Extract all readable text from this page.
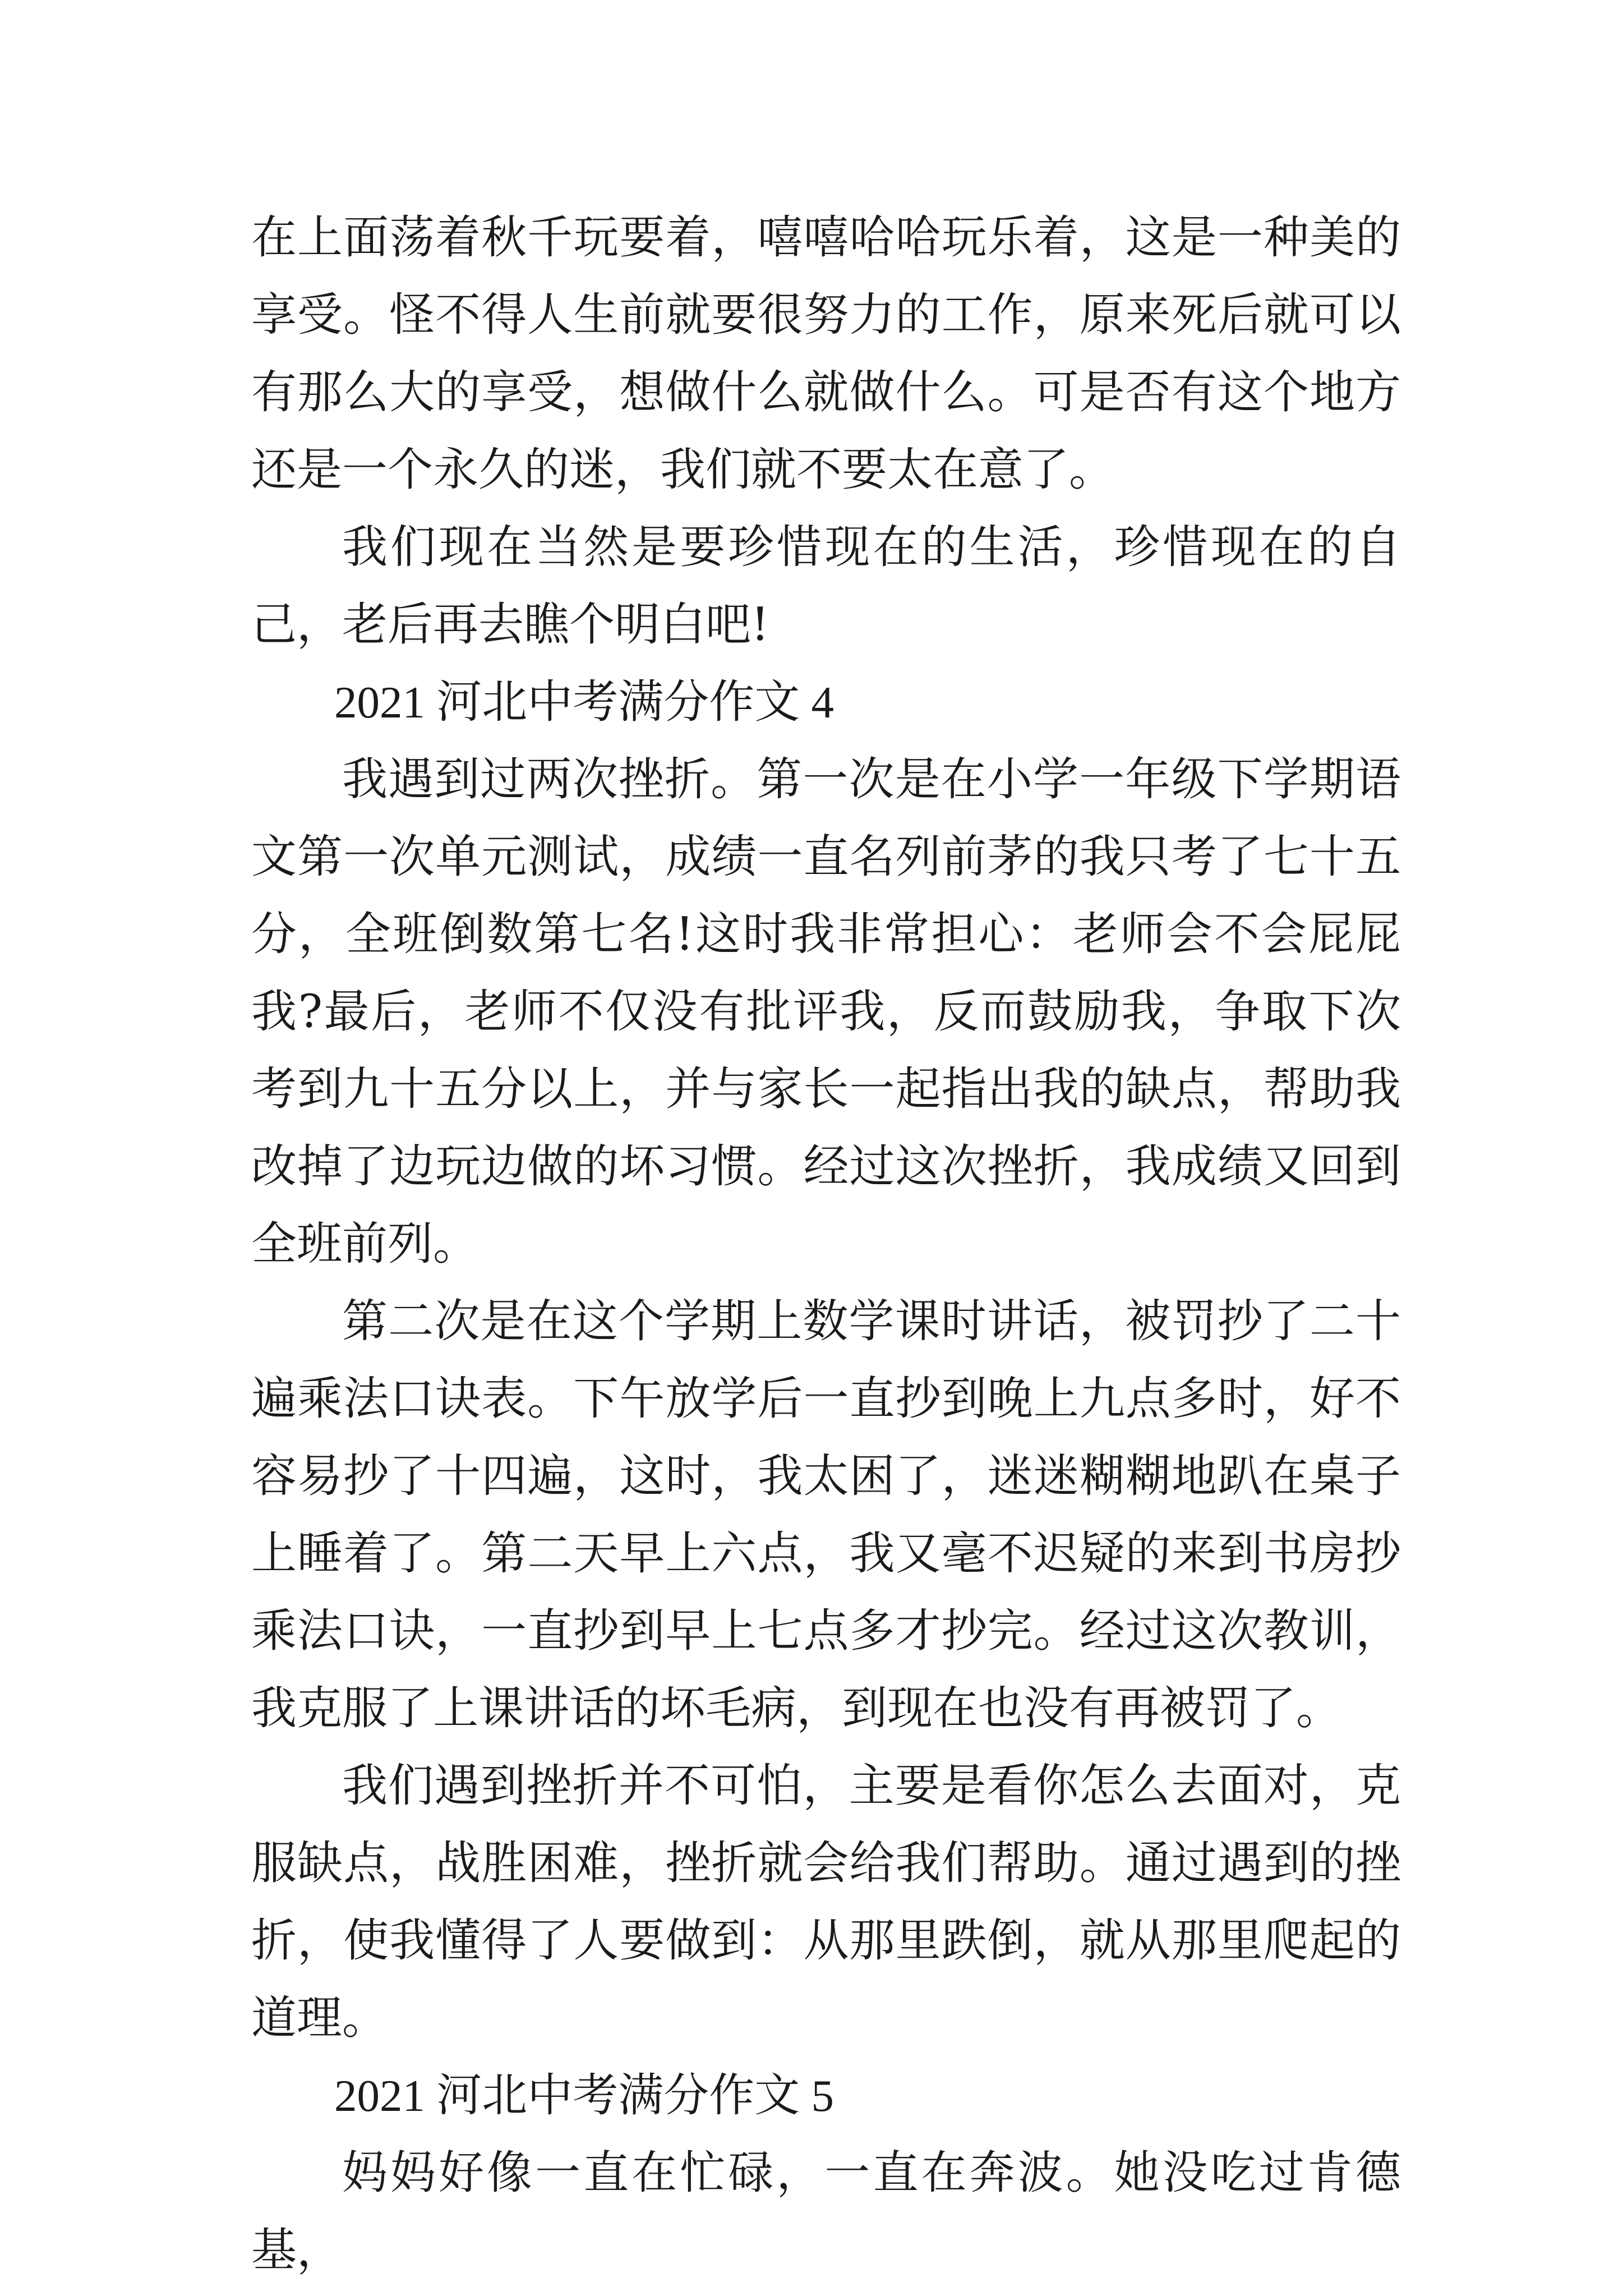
在上面荡着秋千玩要着，嘻嘻哈哈玩乐着，这是一种美的享受。怪不得人生前就要很努力的工作，原来死后就可以有那么大的享受，想做什么就做什么。可是否有这个地方还是一个永久的迷，我们就不要太在意了。

我们现在当然是要珍惜现在的生活，珍惜现在的自己，老后再去瞧个明白吧!

2021 河北中考满分作文 4

我遇到过两次挫折。第一次是在小学一年级下学期语文第一次单元测试，成绩一直名列前茅的我只考了七十五分，全班倒数第七名!这时我非常担心：老师会不会屁屁我?最后，老师不仅没有批评我，反而鼓励我，争取下次考到九十五分以上，并与家长一起指出我的缺点，帮助我改掉了边玩边做的坏习惯。经过这次挫折，我成绩又回到全班前列。

第二次是在这个学期上数学课时讲话，被罚抄了二十遍乘法口诀表。下午放学后一直抄到晚上九点多时，好不容易抄了十四遍，这时，我太困了，迷迷糊糊地趴在桌子上睡着了。第二天早上六点，我又毫不迟疑的来到书房抄乘法口诀，一直抄到早上七点多才抄完。经过这次教训，我克服了上课讲话的坏毛病，到现在也没有再被罚了。

我们遇到挫折并不可怕，主要是看你怎么去面对，克服缺点，战胜困难，挫折就会给我们帮助。通过遇到的挫折，使我懂得了人要做到：从那里跌倒，就从那里爬起的道理。

2021 河北中考满分作文 5

妈妈好像一直在忙碌，一直在奔波。她没吃过肯德基，
